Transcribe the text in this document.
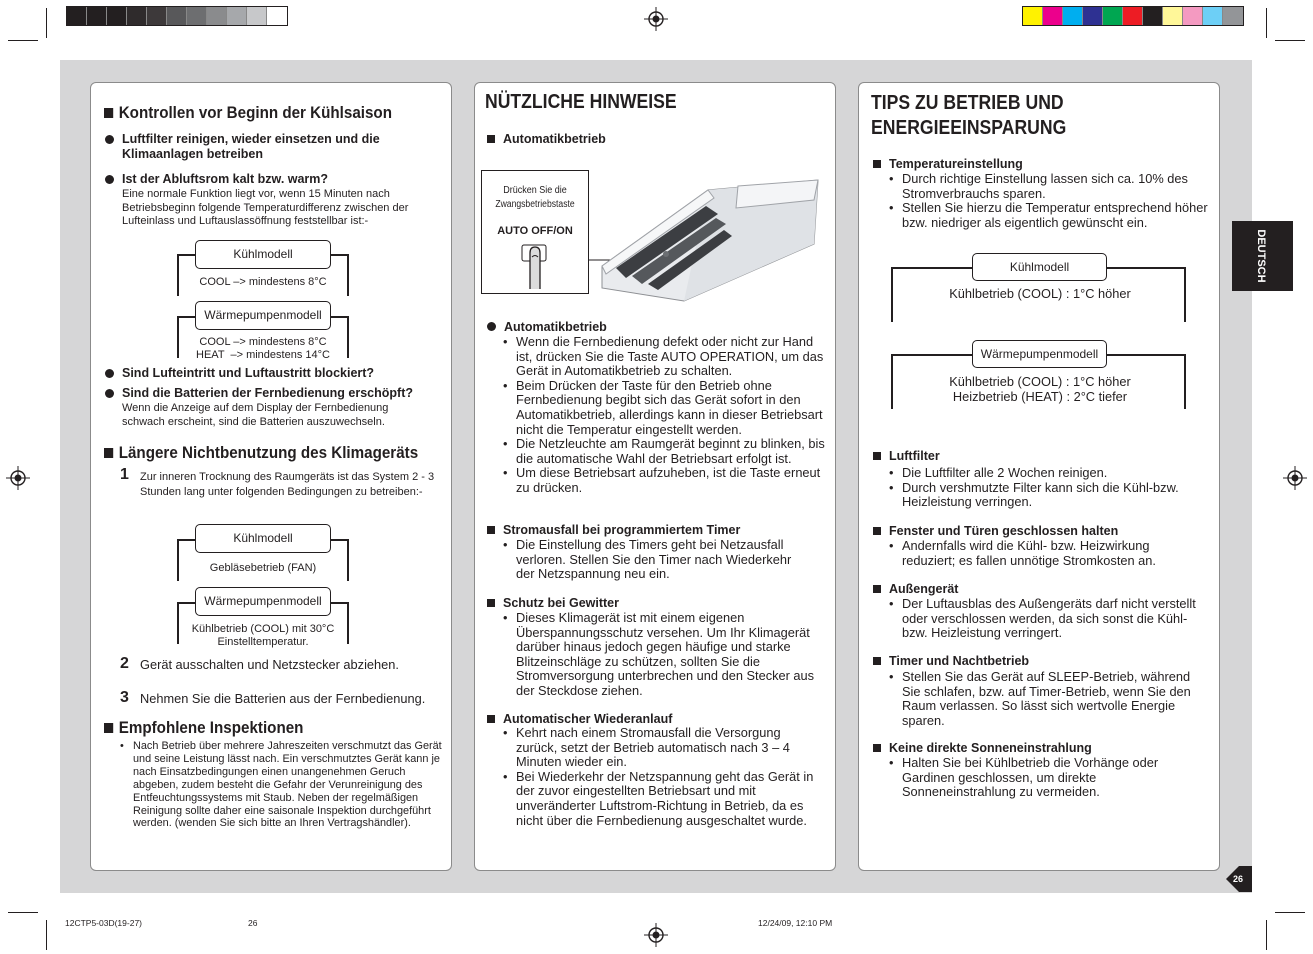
Kontrollen vor Beginn der Kühlsaison
Luftfilter reinigen, wieder einsetzen und die Klimaanlagen betreiben
Ist der Abluftsrom kalt bzw. warm?
Eine normale Funktion liegt vor, wenn 15 Minuten nach Betriebsbeginn folgende Temperaturdifferenz zwischen der Lufteinlass und Luftauslassöffnung feststellbar ist:-
Kühlmodell
COOL –> mindestens 8°C
Wärmepumpenmodell
COOL –> mindestens 8°C
HEAT  –> mindestens 14°C
Sind Lufteintritt und Luftaustritt blockiert?
Sind die Batterien der Fernbedienung erschöpft?
Wenn die Anzeige auf dem Display der Fernbedienung schwach erscheint, sind die Batterien auszuwechseln.
Längere Nichtbenutzung des Klimageräts
1 Zur inneren Trocknung des Raumgeräts ist das System 2 - 3 Stunden lang unter folgenden Bedingungen zu betreiben:-
Kühlmodell
Gebläsebetrieb (FAN)
Wärmepumpenmodell
Kühlbetrieb (COOL) mit 30°C
Einstelltemperatur.
2 Gerät ausschalten und Netzstecker abziehen.
3 Nehmen Sie die Batterien aus der Fernbedienung.
Empfohlene Inspektionen
• Nach Betrieb über mehrere Jahreszeiten verschmutzt das Gerät und seine Leistung lässt nach. Ein verschmutztes Gerät kann je nach Einsatzbedingungen einen unangenehmen Geruch abgeben, zudem besteht die Gefahr der Verunreinigung des Entfeuchtungssystems mit Staub. Neben der regelmäßigen Reinigung sollte daher eine saisonale Inspektion durchgeführt werden. (wenden Sie sich bitte an Ihren Vertragshändler).
NÜTZLICHE HINWEISE
Automatikbetrieb
Drücken Sie die
Zwangsbetriebstaste
AUTO OFF/ON
Automatikbetrieb
• Wenn die Fernbedienung defekt oder nicht zur Hand ist, drücken Sie die Taste AUTO OPERATION, um das Gerät in Automatikbetrieb zu schalten.
• Beim Drücken der Taste für den Betrieb ohne Fernbedienung begibt sich das Gerät sofort in den Automatikbetrieb, allerdings kann in dieser Betriebsart nicht die Temperatur eingestellt werden.
• Die Netzleuchte am Raumgerät beginnt zu blinken, bis die automatische Wahl der Betriebsart erfolgt ist.
• Um diese Betriebsart aufzuheben, ist die Taste erneut zu drücken.
Stromausfall bei programmiertem Timer
• Die Einstellung des Timers geht bei Netzausfall verloren. Stellen Sie den Timer nach Wiederkehr der Netzspannung neu ein.
Schutz bei Gewitter
• Dieses Klimagerät ist mit einem eigenen Überspannungsschutz versehen. Um Ihr Klimagerät darüber hinaus jedoch gegen häufige und starke Blitzeinschläge zu schützen, sollten Sie die Stromversorgung unterbrechen und den Stecker aus der Steckdose ziehen.
Automatischer Wiederanlauf
• Kehrt nach einem Stromausfall die Versorgung zurück, setzt der Betrieb automatisch nach 3 – 4 Minuten wieder ein.
• Bei Wiederkehr der Netzspannung geht das Gerät in der zuvor eingestellten Betriebsart und mit unveränderter Luftstrom-Richtung in Betrieb, da es nicht über die Fernbedienung ausgeschaltet wurde.
TIPS ZU BETRIEB UND
ENERGIEEINSPARUNG
Temperatureinstellung
• Durch richtige Einstellung lassen sich ca. 10% des Stromverbrauchs sparen.
• Stellen Sie hierzu die Temperatur entsprechend höher bzw. niedriger als eigentlich gewünscht ein.
Kühlmodell
Kühlbetrieb (COOL) : 1°C höher
Wärmepumpenmodell
Kühlbetrieb (COOL) : 1°C höher
Heizbetrieb (HEAT) : 2°C tiefer
Luftfilter
• Die Luftfilter alle 2 Wochen reinigen.
• Durch vershmutzte Filter kann sich die Kühl-bzw. Heizleistung verringen.
Fenster und Türen geschlossen halten
• Andernfalls wird die Kühl- bzw. Heizwirkung reduziert; es fallen unnötige Stromkosten an.
Außengerät
• Der Luftausblas des Außengeräts darf nicht verstellt oder verschlossen werden, da sich sonst die Kühl- bzw. Heizleistung verringert.
Timer und Nachtbetrieb
• Stellen Sie das Gerät auf SLEEP-Betrieb, während Sie schlafen, bzw. auf Timer-Betrieb, wenn Sie den Raum verlassen. So lässt sich wertvolle Energie sparen.
Keine direkte Sonneneinstrahlung
• Halten Sie bei Kühlbetrieb die Vorhänge oder Gardinen geschlossen, um direkte Sonneneinstrahlung zu vermeiden.
DEUTSCH
26
12CTP5-03D(19-27)	26	12/24/09, 12:10 PM
